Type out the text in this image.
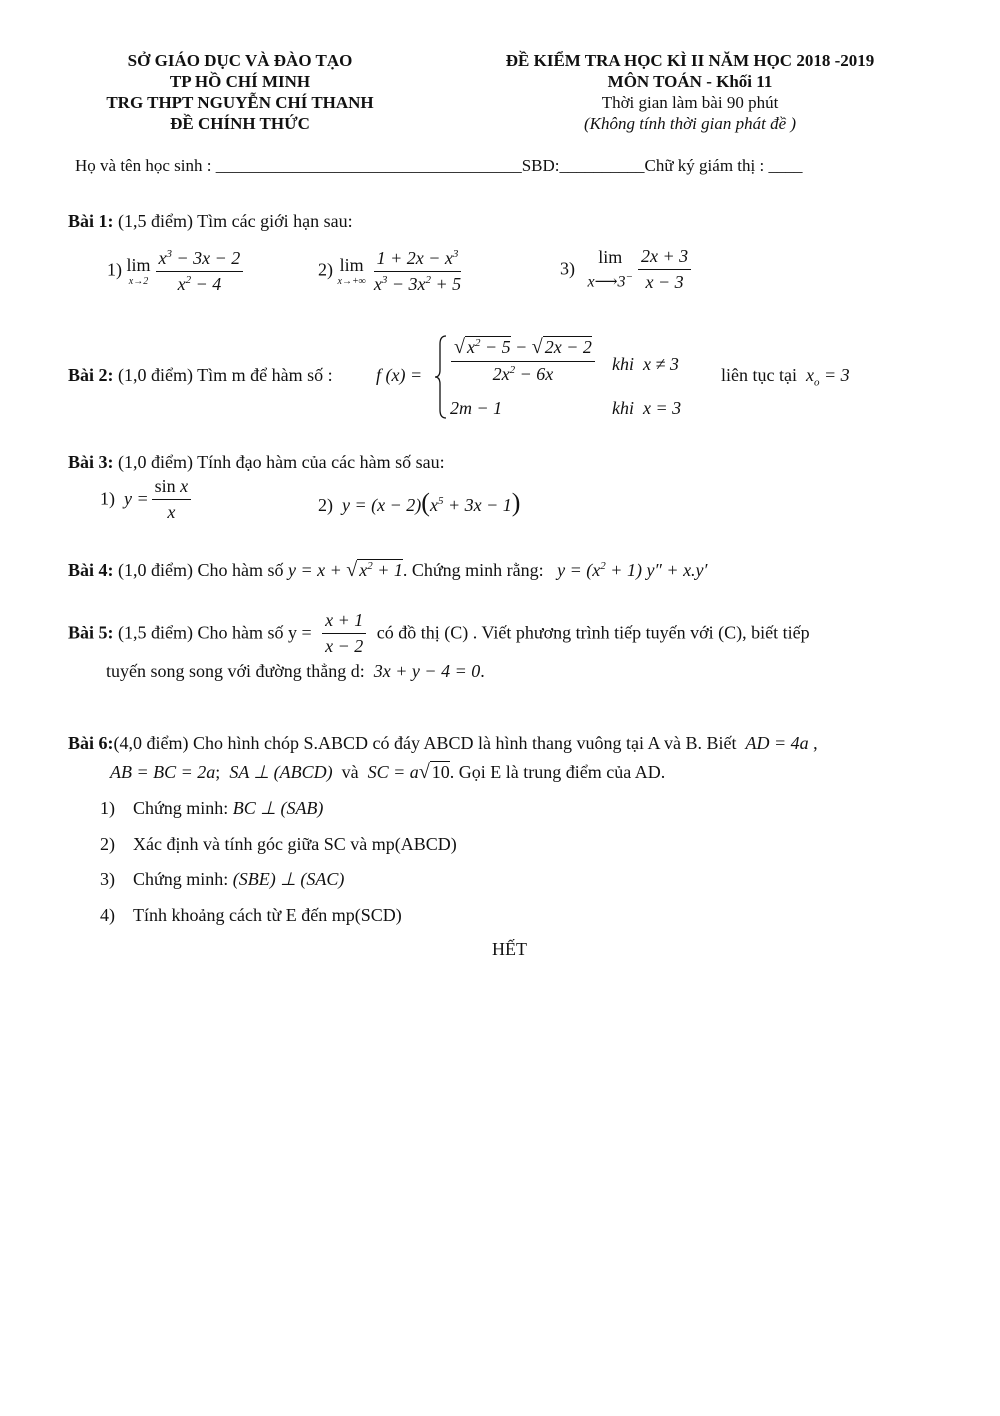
SỞ GIÁO DỤC VÀ ĐÀO TẠO
TP HỒ CHÍ MINH
TRG THPT NGUYỄN CHÍ THANH
ĐỀ CHÍNH THỨC
ĐỀ KIỂM TRA HỌC KÌ II NĂM HỌC 2018 -2019
MÔN TOÁN - Khối 11
Thời gian làm bài 90 phút
(Không tính thời gian phát đề )
Họ và tên học sinh : ____________________________________SBD:__________Chữ ký giám thị : ____
Bài 1: (1,5 điểm) Tìm các giới hạn sau:
1) lim
$x\to 2 \frac{x^3 - 3x - 2}{x^2 - 4}$	2) lim
$x\to+\infty \frac{1 + 2x - x^3}{x^3 - 3x^2 + 5}$	3)
lim
x⟶3− $\frac{2x + 3}{x - 3}$
Bài 2: (1,0 điểm) Tìm m để hàm số : f $(x) = \frac{√ x^2 - 5 - √ 2x - 2}{2x^2 - 6x}$ khi  x ≠ 3
2m − 1	khi  x = 3
liên tục tại $x_o = 3$
Bài 3: (1,0 điểm) Tính đạo hàm của các hàm số sau:
1)  $y = \frac{\text{sin x}}{x}$	2)  $y = (x - 2)(x^5 + 3x - 1)$
Bài 4: (1,0 điểm) Cho hàm số y = x + √ $x^2 + 1$. Chứng minh rằng:   $y = (x^2 + 1) y'' + x.y'$
Bài 5: (1,5 điểm) Cho hàm số $y = \frac{x + 1}{x - 2}$ có đồ thị (C) . Viết phương trình tiếp tuyến với (C), biết tiếp
tuyến song song với đường thẳng d: 3x + y − 4 = 0.
Bài 6:(4,0 điểm) Cho hình chóp S.ABCD có đáy ABCD là hình thang vuông tại A và B. Biết AD = 4a ,
AB = BC = 2a; SA ⊥ (ABCD) và SC = a√ 10. Gọi E là trung điểm của AD.
1) Chứng minh: BC ⊥ (SAB)
2) Xác định và tính góc giữa SC và mp(ABCD)
3) Chứng minh: (SBE) ⊥ (SAC)
4) Tính khoảng cách từ E đến mp(SCD)
HẾT
